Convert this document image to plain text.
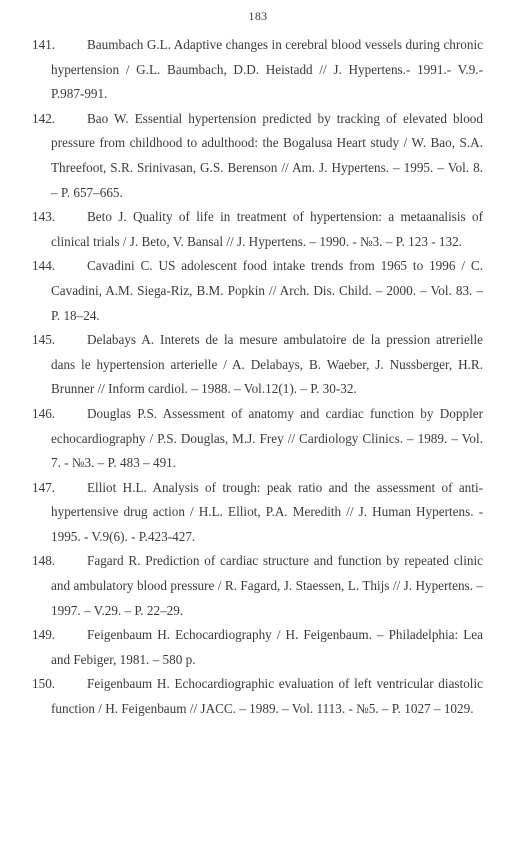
183

141.	Baumbach G.L. Adaptive changes in cerebral blood vessels during chronic hypertension / G.L. Baumbach, D.D. Heistadd // J. Hypertens.- 1991.- V.9.- P.987-991.

142.	Bao W. Essential hypertension predicted by tracking of elevated blood pressure from childhood to adulthood: the Bogalusa Heart study / W. Bao, S.A. Threefoot, S.R. Srinivasan, G.S. Berenson // Am. J. Hypertens. – 1995. – Vol. 8. – P. 657–665.

143.	Beto J. Quality of life in treatment of hypertension: a metaanalisis of clinical trials / J. Beto, V. Bansal // J. Hypertens. – 1990. - №3. – P. 123 - 132.

144.	Cavadini C. US adolescent food intake trends from 1965 to 1996 / C. Cavadini, A.M. Siega-Riz, B.M. Popkin // Arch. Dis. Child. – 2000. – Vol. 83. – P. 18–24.

145.	Delabays A. Interets de la mesure ambulatoire de la pression atrerielle dans le hypertension arterielle / A. Delabays, B. Waeber, J. Nussberger, H.R. Brunner // Inform cardiol. – 1988. – Vol.12(1). – P. 30-32.

146.	Douglas P.S. Assessment of anatomy and cardiac function by Doppler echocardiography / P.S. Douglas, M.J. Frey // Cardiology Clinics. – 1989. – Vol. 7. - №3. – P. 483 – 491.

147.	Elliot H.L. Analysis of trough: peak ratio and the assessment of anti-hypertensive drug action / H.L. Elliot, P.A. Meredith // J. Human Hypertens. - 1995. - V.9(6). - P.423-427.

148.	Fagard R. Prediction of cardiac structure and function by repeated clinic and ambulatory blood pressure / R. Fagard, J. Staessen, L. Thijs // J. Hypertens. – 1997. – V.29. – P. 22–29.

149.	Feigenbaum H. Echocardiography / H. Feigenbaum. – Philadelphia: Lea and Febiger, 1981. – 580 p.

150.	Feigenbaum H. Echocardiographic evaluation of left ventricular diastolic function / H. Feigenbaum // JACC. – 1989. – Vol. 1113. - №5. – P. 1027 – 1029.
